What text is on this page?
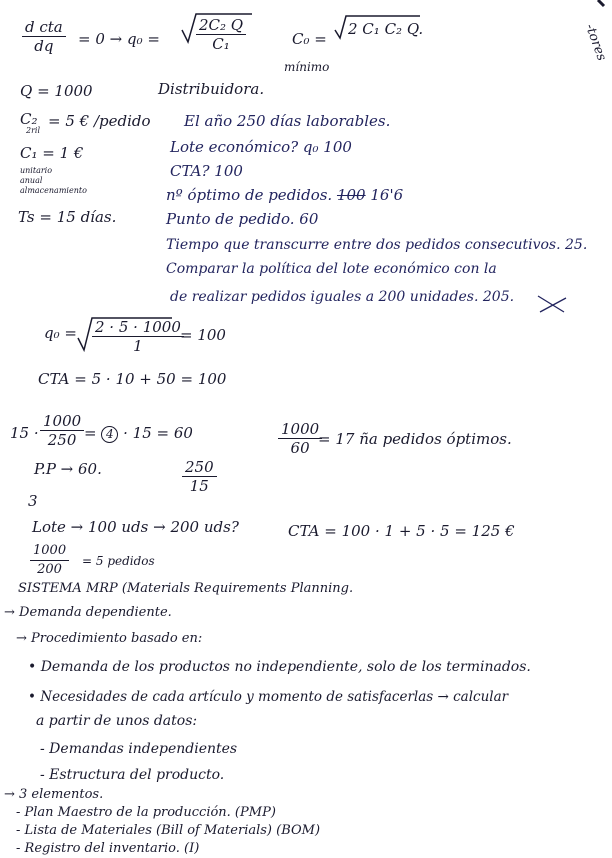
d cta
dq	= $0 \to q_0 = \frac{\text{2C₂ Q}}{\text{C₁}}$	C₀ =
2 C₁ C₂ Q.
mínimo
-tores
Q = 1000
C₂
2ril
= 5 € /pedido
C₁ = 1 €
unitario
anual
almacenamiento
Ts = 15 días.
Distribuidora.
El año 250 días laborables.
Lote económico? q₀ 100
CTA? 100
nº óptimo de pedidos. 100 16'6
Punto de pedido. 60
Tiempo que transcurre entre dos pedidos consecutivos. 25.
Comparar la política del lote económico con la
de realizar pedidos iguales a 200 unidades. 205.
$q_0 = \frac{2 \cdot 5 \cdot 1000}{1}$
= 100
CTA = 5 · 10 + 50 = 100
$15 \cdot \frac{1000}{250} = 4 \cdot 15 = 60$	$\frac{1000}{60}$
= 17 ña pedidos óptimos.
P.P → 60.	$\frac{250}{15}$
3
Lote → 100 uds → 200 uds?	CTA = 100 · 1 + 5 · 5 = 125 €
$\frac{1000}{200} = 5$ pedidos
SISTEMA MRP (Materials Requirements Planning.
→ Demanda dependiente.
→ Procedimiento basado en:
• Demanda de los productos no independiente, solo de los terminados.
• Necesidades de cada artículo y momento de satisfacerlas → calcular
a partir de unos datos:
- Demandas independientes
- Estructura del producto.
→ 3 elementos.
- Plan Maestro de la producción. (PMP)
- Lista de Materiales (Bill of Materials) (BOM)
- Registro del inventario. (I)
